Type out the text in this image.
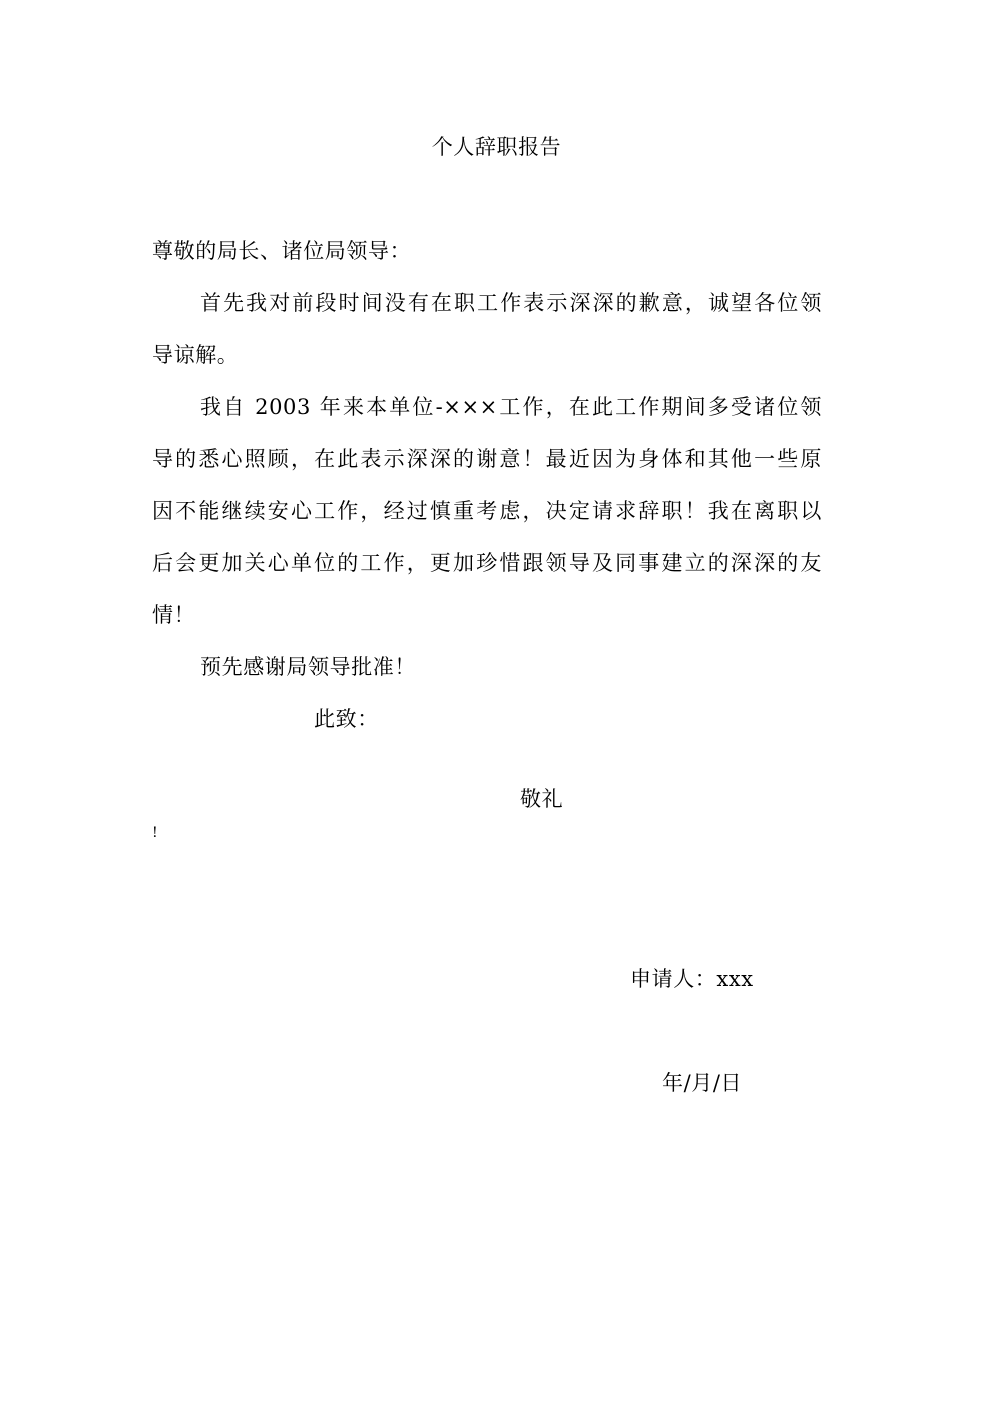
个人辞职报告
尊敬的局长、诸位局领导：
首先我对前段时间没有在职工作表示深深的歉意，诚望各位领
导谅解。
我自 2003 年来本单位-×××工作，在此工作期间多受诸位领
导的悉心照顾，在此表示深深的谢意！最近因为身体和其他一些原
因不能继续安心工作，经过慎重考虑，决定请求辞职！我在离职以
后会更加关心单位的工作，更加珍惜跟领导及同事建立的深深的友
情！
预先感谢局领导批准！
此致：
敬礼
!
申请人：xxx
年/月/日
